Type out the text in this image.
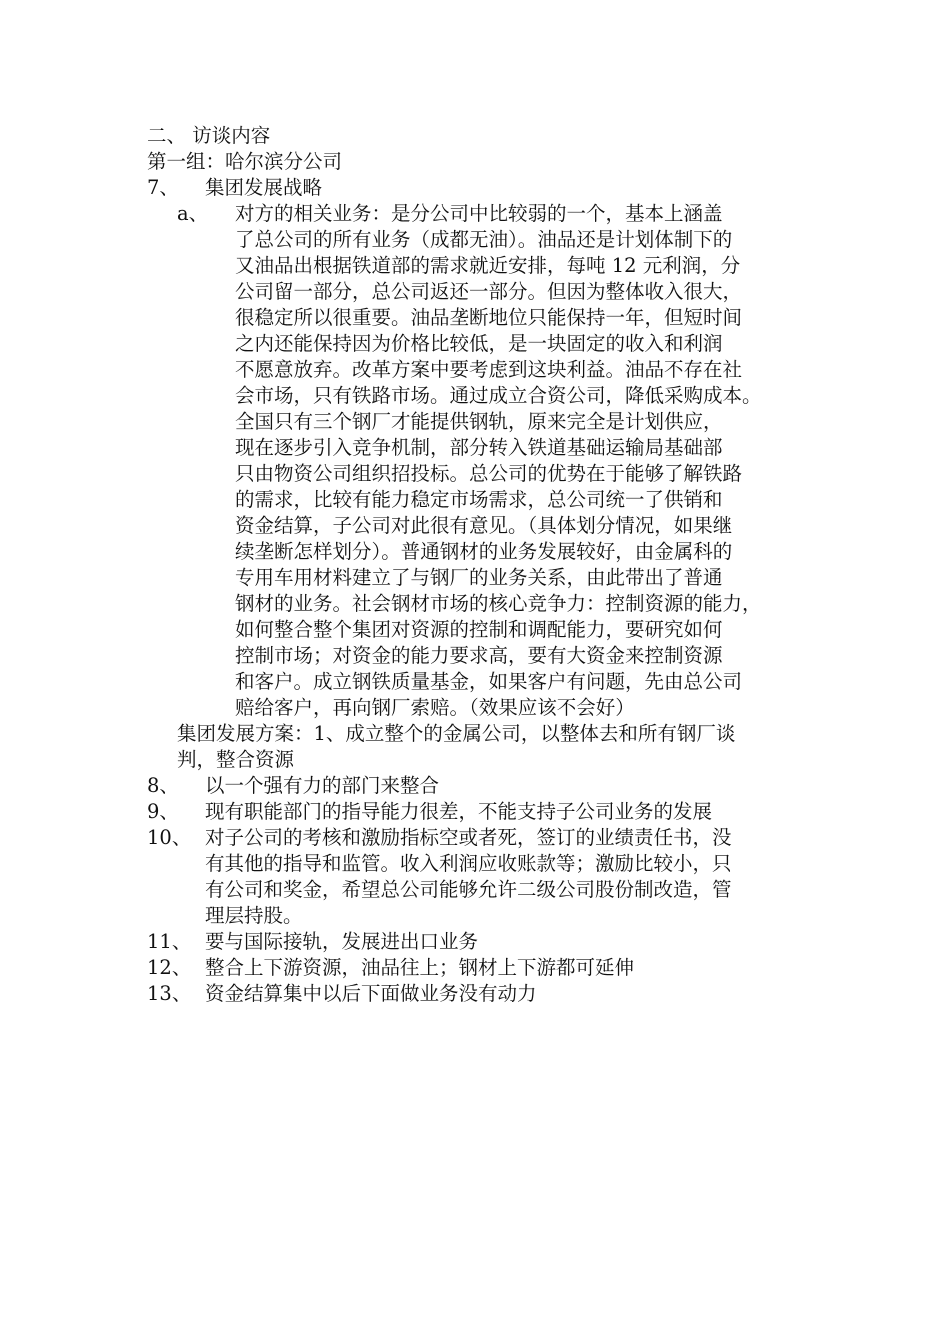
二、 访谈内容
第一组：哈尔滨分公司
7、 集团发展战略
a、 对方的相关业务：是分公司中比较弱的一个，基本上涵盖
了总公司的所有业务（成都无油）。油品还是计划体制下的
又油品出根据铁道部的需求就近安排，每吨 12 元利润，分
公司留一部分，总公司返还一部分。但因为整体收入很大，
很稳定所以很重要。油品垄断地位只能保持一年，但短时间
之内还能保持因为价格比较低，是一块固定的收入和利润
不愿意放弃。改革方案中要考虑到这块利益。油品不存在社
会市场，只有铁路市场。通过成立合资公司，降低采购成本。
全国只有三个钢厂才能提供钢轨，原来完全是计划供应，
现在逐步引入竞争机制，部分转入铁道基础运输局基础部
只由物资公司组织招投标。总公司的优势在于能够了解铁路
的需求，比较有能力稳定市场需求，总公司统一了供销和
资金结算，子公司对此很有意见。（具体划分情况，如果继
续垄断怎样划分）。普通钢材的业务发展较好，由金属科的
专用车用材料建立了与钢厂的业务关系，由此带出了普通
钢材的业务。社会钢材市场的核心竞争力：控制资源的能力，
如何整合整个集团对资源的控制和调配能力，要研究如何
控制市场；对资金的能力要求高，要有大资金来控制资源
和客户。成立钢铁质量基金，如果客户有问题，先由总公司
赔给客户，再向钢厂索赔。（效果应该不会好）
集团发展方案：1、成立整个的金属公司，以整体去和所有钢厂谈
判，整合资源
8、 以一个强有力的部门来整合
9、 现有职能部门的指导能力很差，不能支持子公司业务的发展
10、 对子公司的考核和激励指标空或者死，签订的业绩责任书，没
有其他的指导和监管。收入利润应收账款等；激励比较小，只
有公司和奖金，希望总公司能够允许二级公司股份制改造，管
理层持股。
11、 要与国际接轨，发展进出口业务
12、 整合上下游资源，油品往上；钢材上下游都可延伸
13、 资金结算集中以后下面做业务没有动力
